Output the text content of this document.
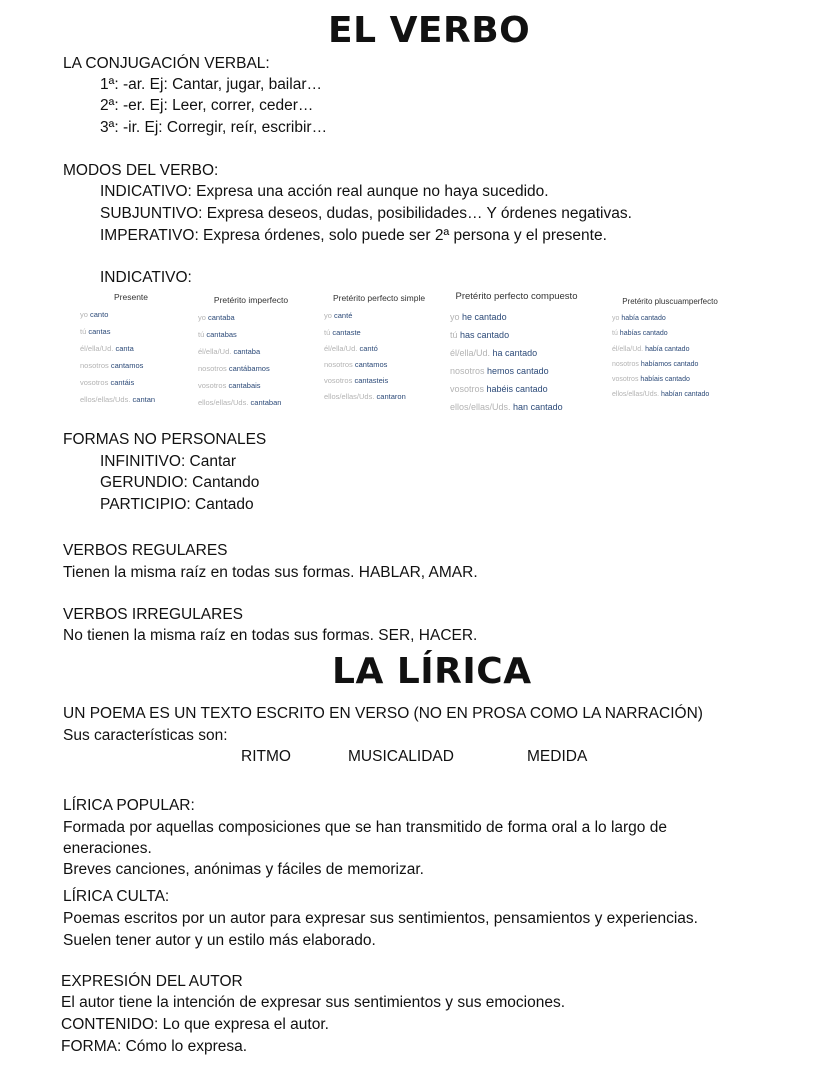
EL VERBO
LA CONJUGACIÓN VERBAL:
1ª: -ar. Ej: Cantar, jugar, bailar…
2ª: -er. Ej: Leer, correr, ceder…
3ª: -ir. Ej: Corregir, reír, escribir…
MODOS DEL VERBO:
INDICATIVO: Expresa una acción real aunque no haya sucedido.
SUBJUNTIVO: Expresa deseos, dudas, posibilidades… Y órdenes negativas.
IMPERATIVO: Expresa órdenes, solo puede ser 2ª persona y el presente.
INDICATIVO:
Presente
yo canto
tú cantas
él/ella/Ud. canta
nosotros cantamos
vosotros cantáis
ellos/ellas/Uds. cantan
Pretérito imperfecto
yo cantaba
tú cantabas
él/ella/Ud. cantaba
nosotros cantábamos
vosotros cantabais
ellos/ellas/Uds. cantaban
Pretérito perfecto simple
yo canté
tú cantaste
él/ella/Ud. cantó
nosotros cantamos
vosotros cantasteis
ellos/ellas/Uds. cantaron
Pretérito perfecto compuesto
yo he cantado
tú has cantado
él/ella/Ud. ha cantado
nosotros hemos cantado
vosotros habéis cantado
ellos/ellas/Uds. han cantado
Pretérito pluscuamperfecto
yo había cantado
tú habías cantado
él/ella/Ud. había cantado
nosotros habíamos cantado
vosotros habíais cantado
ellos/ellas/Uds. habían cantado
FORMAS NO PERSONALES
INFINITIVO: Cantar
GERUNDIO: Cantando
PARTICIPIO: Cantado
VERBOS REGULARES
Tienen la misma raíz en todas sus formas. HABLAR, AMAR.
VERBOS IRREGULARES
No tienen la misma raíz en todas sus formas. SER, HACER.
LA LÍRICA
UN POEMA ES UN TEXTO ESCRITO EN VERSO (NO EN PROSA COMO LA NARRACIÓN)
Sus características son:
RITMO	MUSICALIDAD	MEDIDA
LÍRICA POPULAR:
Formada por aquellas composiciones que se han transmitido de forma oral a lo largo de
eneraciones.
Breves canciones, anónimas y fáciles de memorizar.
LÍRICA CULTA:
Poemas escritos por un autor para expresar sus sentimientos, pensamientos y experiencias.
Suelen tener autor y un estilo más elaborado.
EXPRESIÓN DEL AUTOR
El autor tiene la intención de expresar sus sentimientos y sus emociones.
CONTENIDO: Lo que expresa el autor.
FORMA: Cómo lo expresa.
